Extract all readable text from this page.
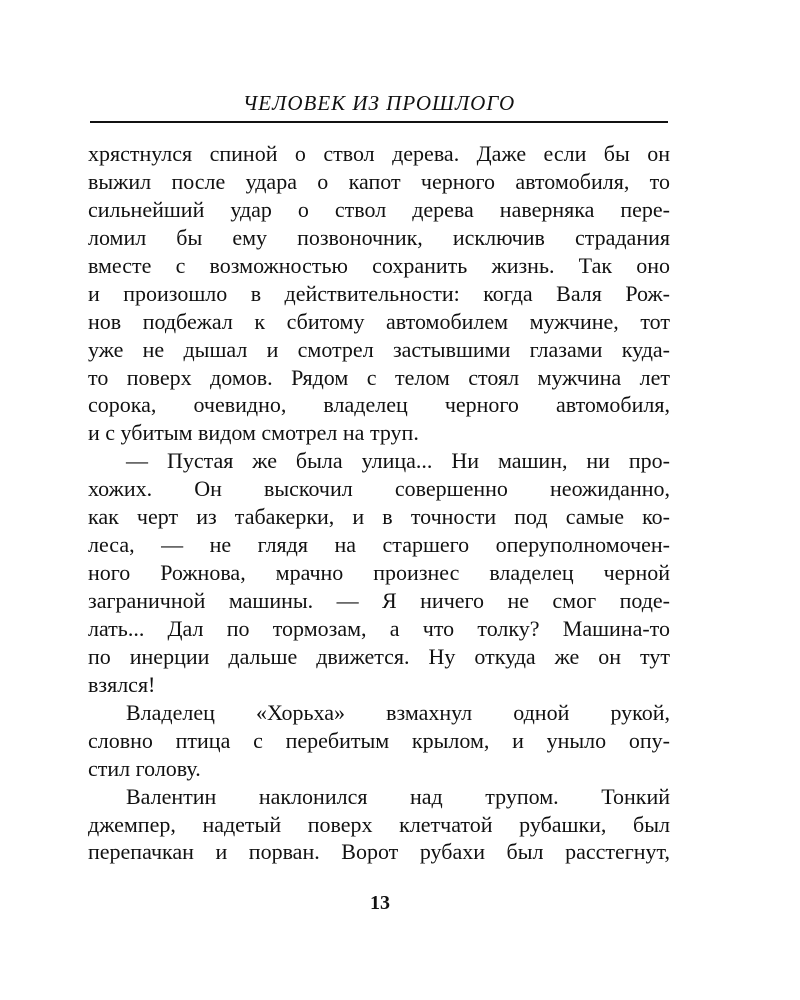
ЧЕЛОВЕК ИЗ ПРОШЛОГО
хрястнулся спиной о ствол дерева. Даже если бы он
выжил после удара о капот черного автомобиля, то
сильнейший удар о ствол дерева наверняка пере-
ломил бы ему позвоночник, исключив страдания
вместе с возможностью сохранить жизнь. Так оно
и произошло в действительности: когда Валя Рож-
нов подбежал к сбитому автомобилем мужчине, тот
уже не дышал и смотрел застывшими глазами куда-
то поверх домов. Рядом с телом стоял мужчина лет
сорока, очевидно, владелец черного автомобиля,
и с убитым видом смотрел на труп.
— Пустая же была улица... Ни машин, ни про-
хожих. Он выскочил совершенно неожиданно,
как черт из табакерки, и в точности под самые ко-
леса, — не глядя на старшего оперуполномочен-
ного Рожнова, мрачно произнес владелец черной
заграничной машины. — Я ничего не смог поде-
лать... Дал по тормозам, а что толку? Машина-то
по инерции дальше движется. Ну откуда же он тут
взялся!
Владелец «Хорьха» взмахнул одной рукой,
словно птица с перебитым крылом, и уныло опу-
стил голову.
Валентин наклонился над трупом. Тонкий
джемпер, надетый поверх клетчатой рубашки, был
перепачкан и порван. Ворот рубахи был расстегнут,
13
